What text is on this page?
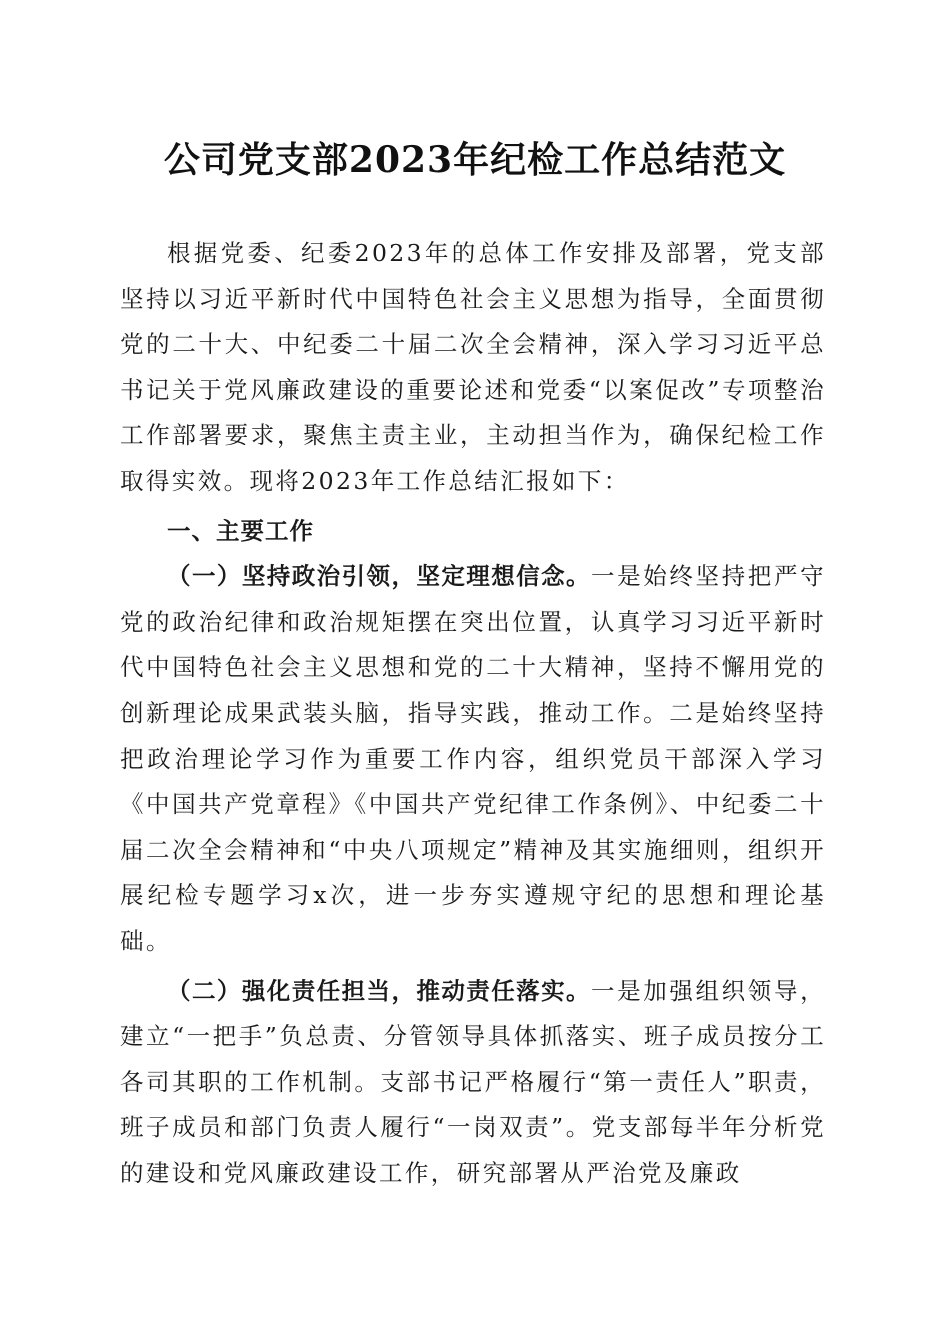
公司党支部2023年纪检工作总结范文

根据党委、纪委2023年的总体工作安排及部署，党支部坚持以习近平新时代中国特色社会主义思想为指导，全面贯彻党的二十大、中纪委二十届二次全会精神，深入学习习近平总书记关于党风廉政建设的重要论述和党委“以案促改”专项整治工作部署要求，聚焦主责主业，主动担当作为，确保纪检工作取得实效。现将2023年工作总结汇报如下：

一、主要工作

（一）坚持政治引领，坚定理想信念。一是始终坚持把严守党的政治纪律和政治规矩摆在突出位置，认真学习习近平新时代中国特色社会主义思想和党的二十大精神，坚持不懈用党的创新理论成果武装头脑，指导实践，推动工作。二是始终坚持把政治理论学习作为重要工作内容，组织党员干部深入学习《中国共产党章程》《中国共产党纪律工作条例》、中纪委二十届二次全会精神和“中央八项规定”精神及其实施细则，组织开展纪检专题学习x次，进一步夯实遵规守纪的思想和理论基础。

（二）强化责任担当，推动责任落实。一是加强组织领导，建立“一把手”负总责、分管领导具体抓落实、班子成员按分工各司其职的工作机制。支部书记严格履行“第一责任人”职责，班子成员和部门负责人履行“一岗双责”。党支部每半年分析党的建设和党风廉政建设工作，研究部署从严治党及廉政
